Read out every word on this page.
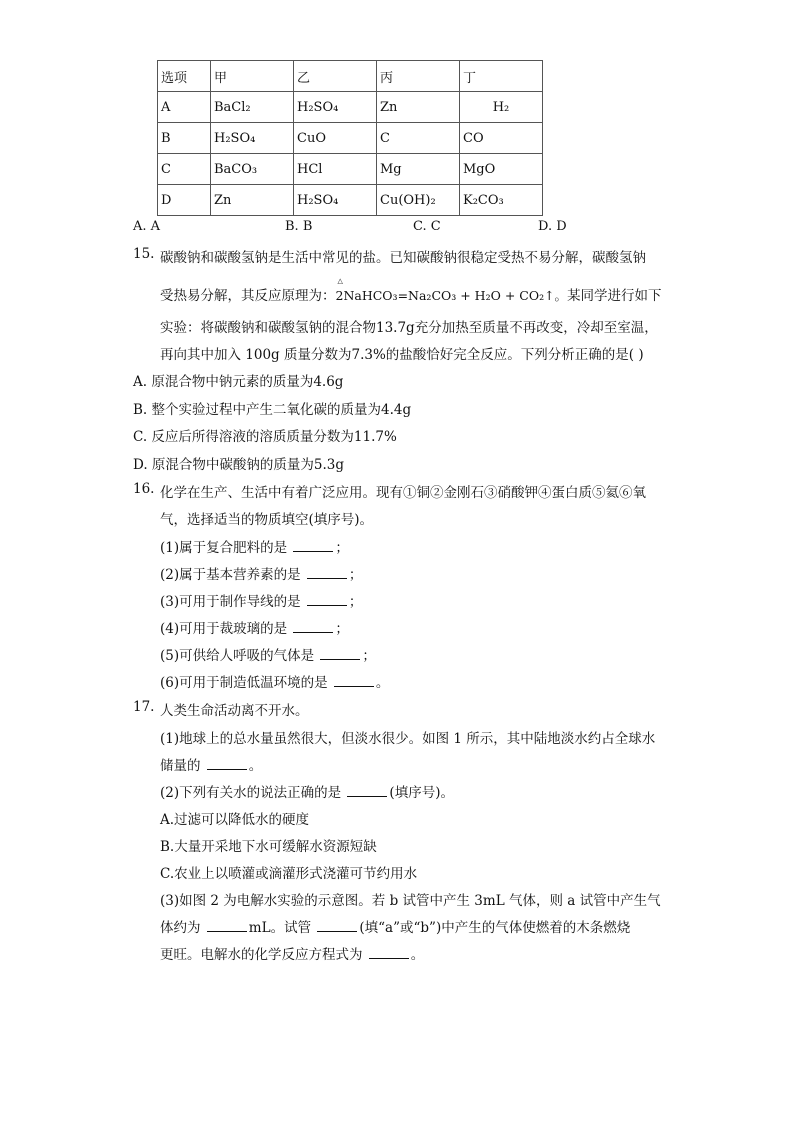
选项	甲	乙	丙	丁
A	BaCl₂	H₂SO₄	Zn	H₂
B	H₂SO₄	CuO	C	CO
C	BaCO₃	HCl	Mg	MgO
D	Zn	H₂SO₄	Cu(OH)₂	K₂CO₃
A. A	B. B	C. C	D. D
15. 碳酸钠和碳酸氢钠是生活中常见的盐。已知碳酸钠很稳定受热不易分解，碳酸氢钠
受热易分解，其反应原理为：
△
2NaHCO₃=Na₂CO₃ + H₂O + CO₂↑。某同学进行如下
实验：将碳酸钠和碳酸氢钠的混合物13.7g充分加热至质量不再改变，冷却至室温，
再向其中加入 100g 质量分数为7.3%的盐酸恰好完全反应。下列分析正确的是( )
A. 原混合物中钠元素的质量为4.6g
B. 整个实验过程中产生二氧化碳的质量为4.4g
C. 反应后所得溶液的溶质质量分数为11.7%
D. 原混合物中碳酸钠的质量为5.3g
16. 化学在生产、生活中有着广泛应用。现有①铜②金刚石③硝酸钾④蛋白质⑤氦⑥氧
气，选择适当的物质填空(填序号)。
(1)属于复合肥料的是	；
(2)属于基本营养素的是	；
(3)可用于制作导线的是	；
(4)可用于裁玻璃的是	；
(5)可供给人呼吸的气体是	；
(6)可用于制造低温环境的是	。
17. 人类生命活动离不开水。
(1)地球上的总水量虽然很大，但淡水很少。如图 1 所示，其中陆地淡水约占全球水
储量的	。
(2)下列有关水的说法正确的是	(填序号)。
A.过滤可以降低水的硬度
B.大量开采地下水可缓解水资源短缺
C.农业上以喷灌或滴灌形式浇灌可节约用水
(3)如图 2 为电解水实验的示意图。若 b 试管中产生 3mL 气体，则 a 试管中产生气
体约为	mL。试管	(填“a”或“b”)中产生的气体使燃着的木条燃烧
更旺。电解水的化学反应方程式为	。
